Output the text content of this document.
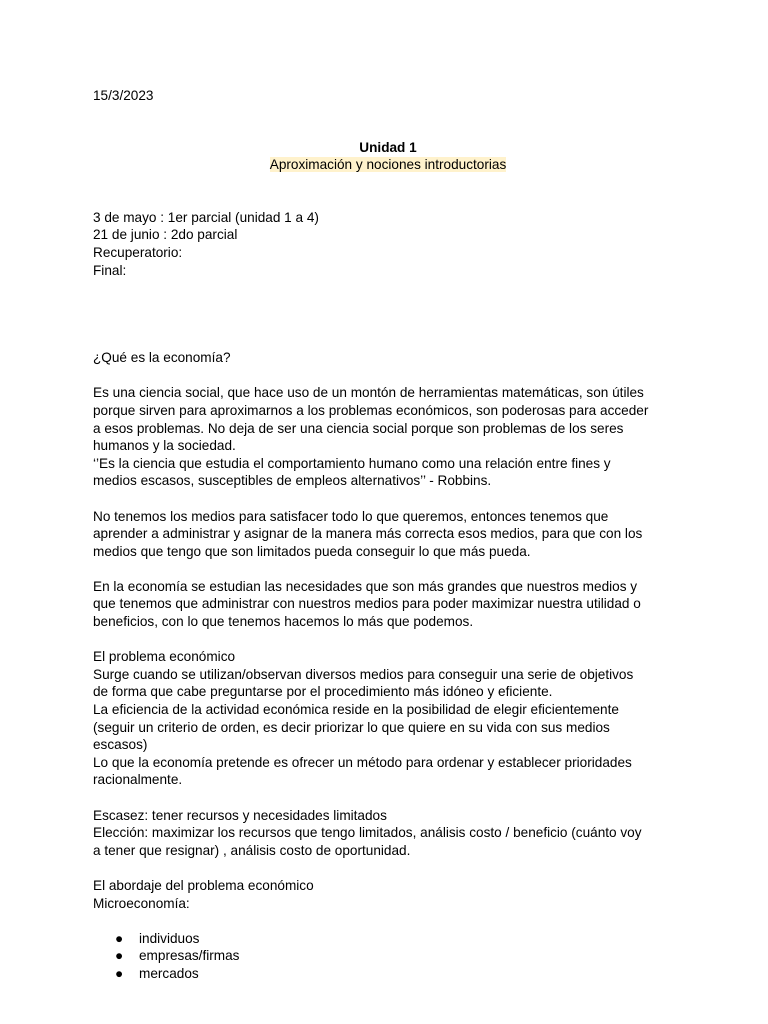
15/3/2023

Unidad 1

Aproximación y nociones introductorias

3 de mayo : 1er parcial (unidad 1 a 4)

21 de junio : 2do parcial

Recuperatorio:

Final:

¿Qué es la economía?

Es una ciencia social, que hace uso de un montón de herramientas matemáticas, son útiles

porque sirven para aproximarnos a los problemas económicos, son poderosas para acceder

a esos problemas. No deja de ser una ciencia social porque son problemas de los seres

humanos y la sociedad.

‘’Es la ciencia que estudia el comportamiento humano como una relación entre fines y

medios escasos, susceptibles de empleos alternativos’’ - Robbins.

No tenemos los medios para satisfacer todo lo que queremos, entonces tenemos que

aprender a administrar y asignar de la manera más correcta esos medios, para que con los

medios que tengo que son limitados pueda conseguir lo que más pueda.

En la economía se estudian las necesidades que son más grandes que nuestros medios y

que tenemos que administrar con nuestros medios para poder maximizar nuestra utilidad o

beneficios, con lo que tenemos hacemos lo más que podemos.

El problema económico

Surge cuando se utilizan/observan diversos medios para conseguir una serie de objetivos

de forma que cabe preguntarse por el procedimiento más idóneo y eficiente.

La eficiencia de la actividad económica reside en la posibilidad de elegir eficientemente

(seguir un criterio de orden, es decir priorizar lo que quiere en su vida con sus medios

escasos)

Lo que la economía pretende es ofrecer un método para ordenar y establecer prioridades

racionalmente.

Escasez: tener recursos y necesidades limitados

Elección: maximizar los recursos que tengo limitados, análisis costo / beneficio (cuánto voy

a tener que resignar) , análisis costo de oportunidad.

El abordaje del problema económico

Microeconomía:

● individuos
● empresas/firmas
● mercados
